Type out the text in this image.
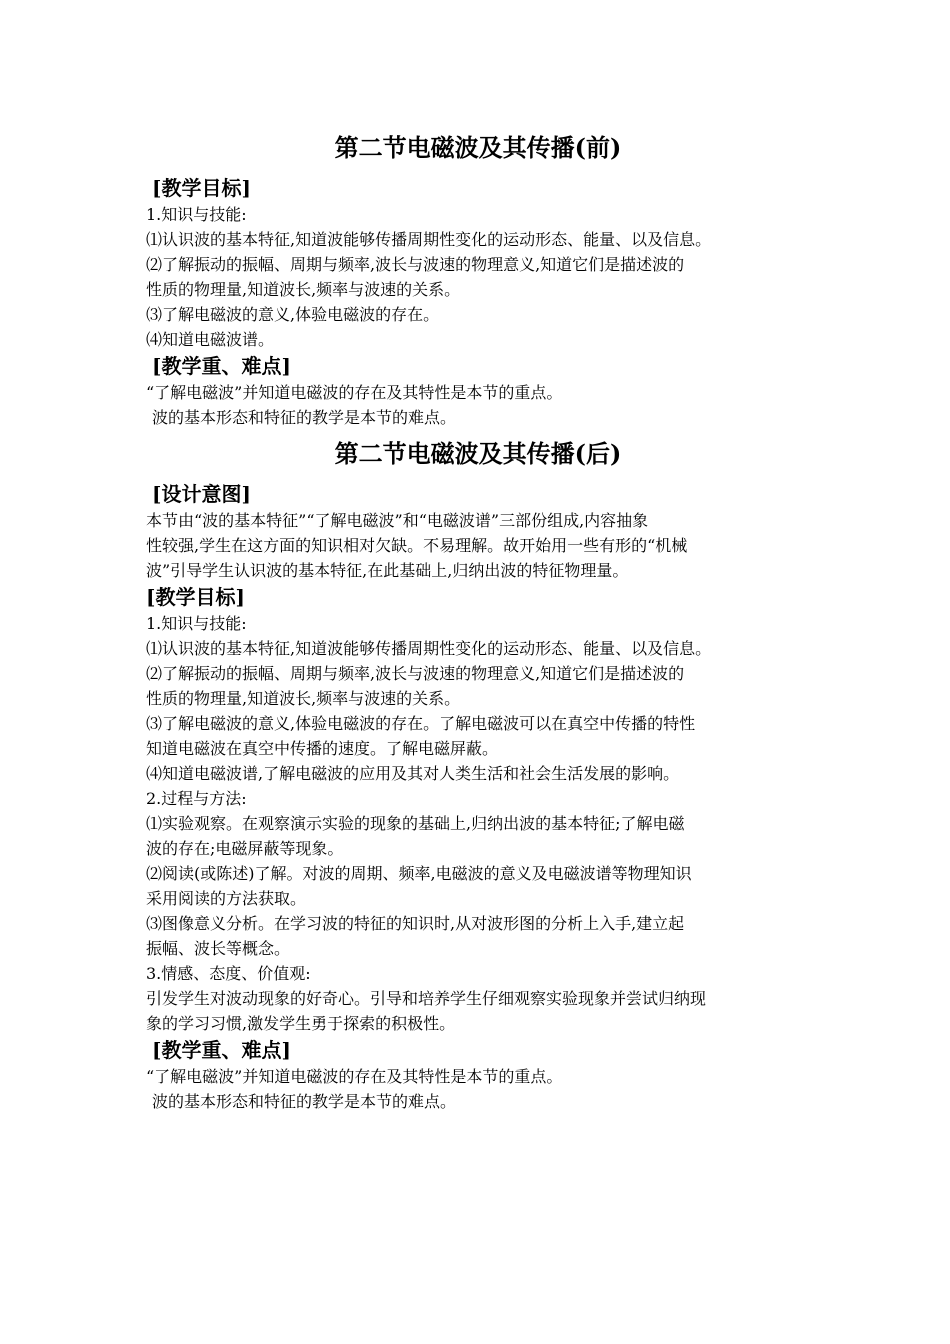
第二节电磁波及其传播(前)
[教学目标]

1.知识与技能:

⑴认识波的基本特征,知道波能够传播周期性变化的运动形态、能量、以及信息。

⑵了解振动的振幅、周期与频率,波长与波速的物理意义,知道它们是描述波的

性质的物理量,知道波长,频率与波速的关系。

⑶了解电磁波的意义,体验电磁波的存在。

⑷知道电磁波谱。

[教学重、难点]

“了解电磁波”并知道电磁波的存在及其特性是本节的重点。

波的基本形态和特征的教学是本节的难点。

第二节电磁波及其传播(后)
[设计意图]

本节由“波的基本特征”“了解电磁波”和“电磁波谱”三部份组成,内容抽象

性较强,学生在这方面的知识相对欠缺。不易理解。故开始用一些有形的“机械

波”引导学生认识波的基本特征,在此基础上,归纳出波的特征物理量。

[教学目标]

1.知识与技能:

⑴认识波的基本特征,知道波能够传播周期性变化的运动形态、能量、以及信息。

⑵了解振动的振幅、周期与频率,波长与波速的物理意义,知道它们是描述波的

性质的物理量,知道波长,频率与波速的关系。

⑶了解电磁波的意义,体验电磁波的存在。了解电磁波可以在真空中传播的特性

知道电磁波在真空中传播的速度。了解电磁屏蔽。

⑷知道电磁波谱,了解电磁波的应用及其对人类生活和社会生活发展的影响。

2.过程与方法:

⑴实验观察。在观察演示实验的现象的基础上,归纳出波的基本特征;了解电磁

波的存在;电磁屏蔽等现象。

⑵阅读(或陈述)了解。对波的周期、频率,电磁波的意义及电磁波谱等物理知识

采用阅读的方法获取。

⑶图像意义分析。在学习波的特征的知识时,从对波形图的分析上入手,建立起

振幅、波长等概念。

3.情感、态度、价值观:

引发学生对波动现象的好奇心。引导和培养学生仔细观察实验现象并尝试归纳现

象的学习习惯,激发学生勇于探索的积极性。

[教学重、难点]

“了解电磁波”并知道电磁波的存在及其特性是本节的重点。

波的基本形态和特征的教学是本节的难点。
